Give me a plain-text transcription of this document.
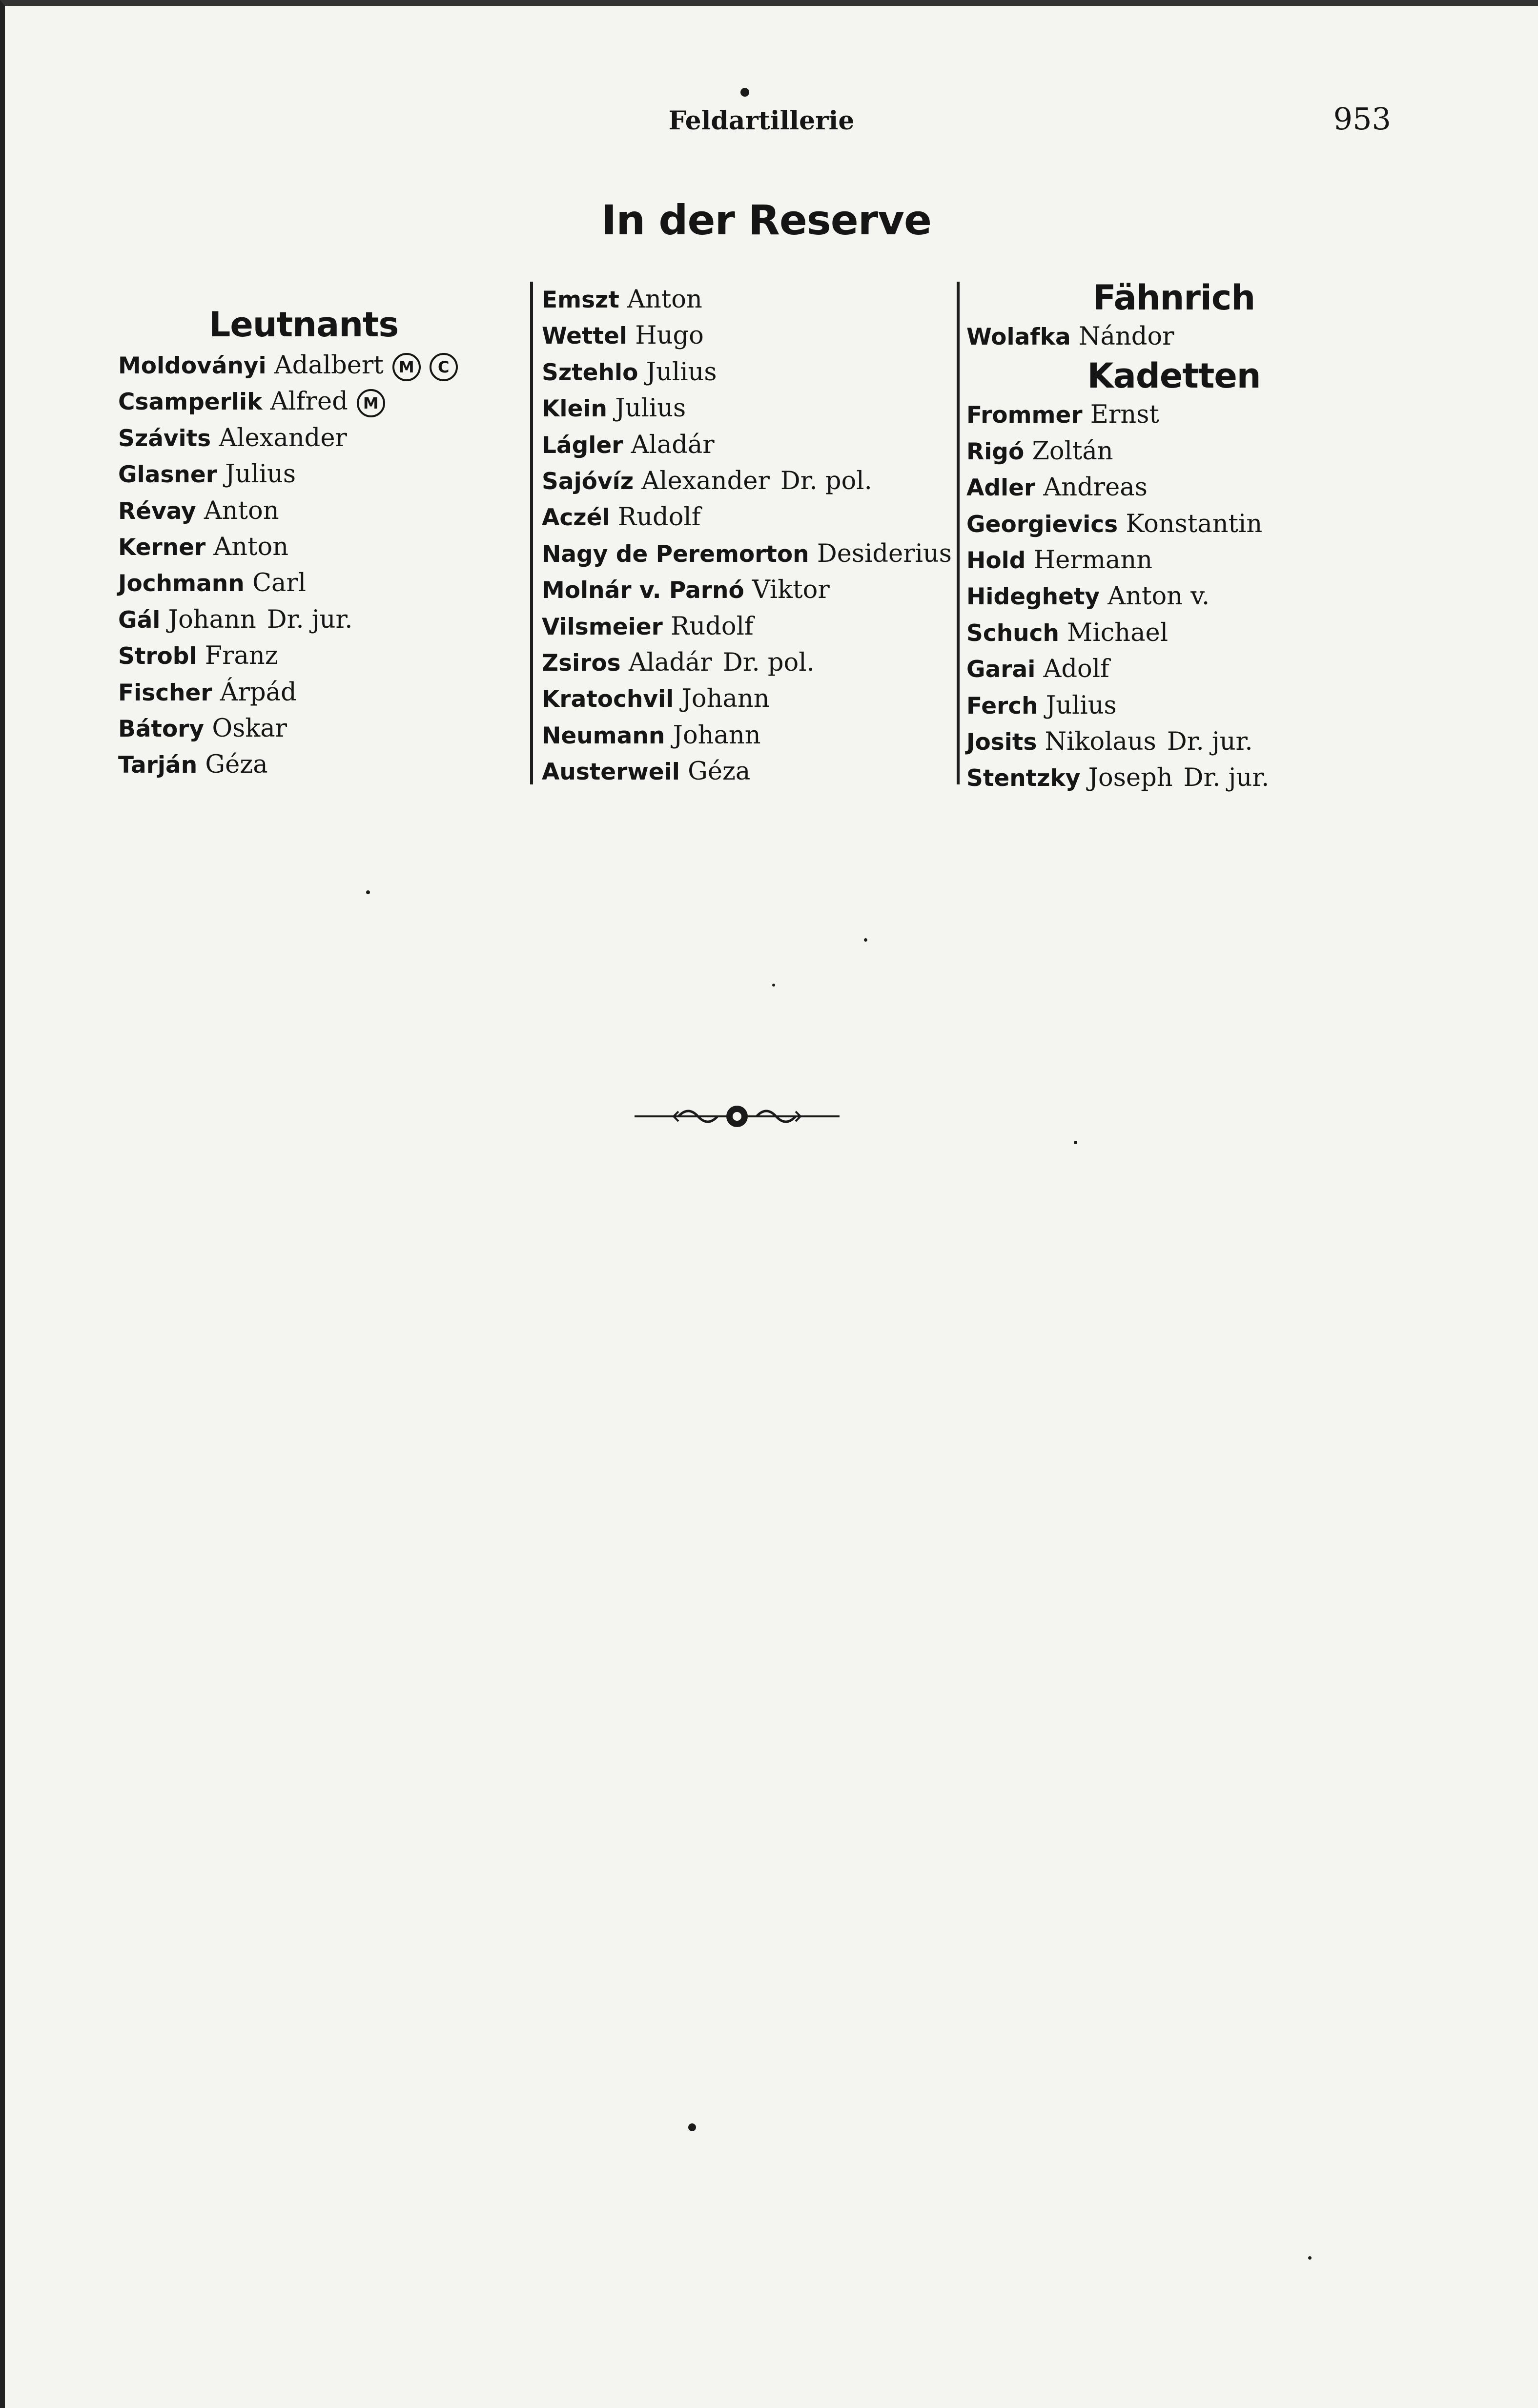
Feldartillerie	953
In der Reserve
Leutnants
Moldoványi Adalbert M C
Csamperlik Alfred M
Szávits Alexander
Glasner Julius
Révay Anton
Kerner Anton
Jochmann Carl
Gál Johann Dr. jur.
Strobl Franz
Fischer Árpád
Bátory Oskar
Tarján Géza
Emszt Anton
Wettel Hugo
Sztehlo Julius
Klein Julius
Lágler Aladár
Sajóvíz Alexander Dr. pol.
Aczél Rudolf
Nagy de Peremorton Desiderius
Molnár v. Parnó Viktor
Vilsmeier Rudolf
Zsiros Aladár Dr. pol.
Kratochvil Johann
Neumann Johann
Austerweil Géza
Fähnrich
Wolafka Nándor
Kadetten
Frommer Ernst
Rigó Zoltán
Adler Andreas
Georgievics Konstantin
Hold Hermann
Hideghety Anton v.
Schuch Michael
Garai Adolf
Ferch Julius
Josits Nikolaus Dr. jur.
Stentzky Joseph Dr. jur.
